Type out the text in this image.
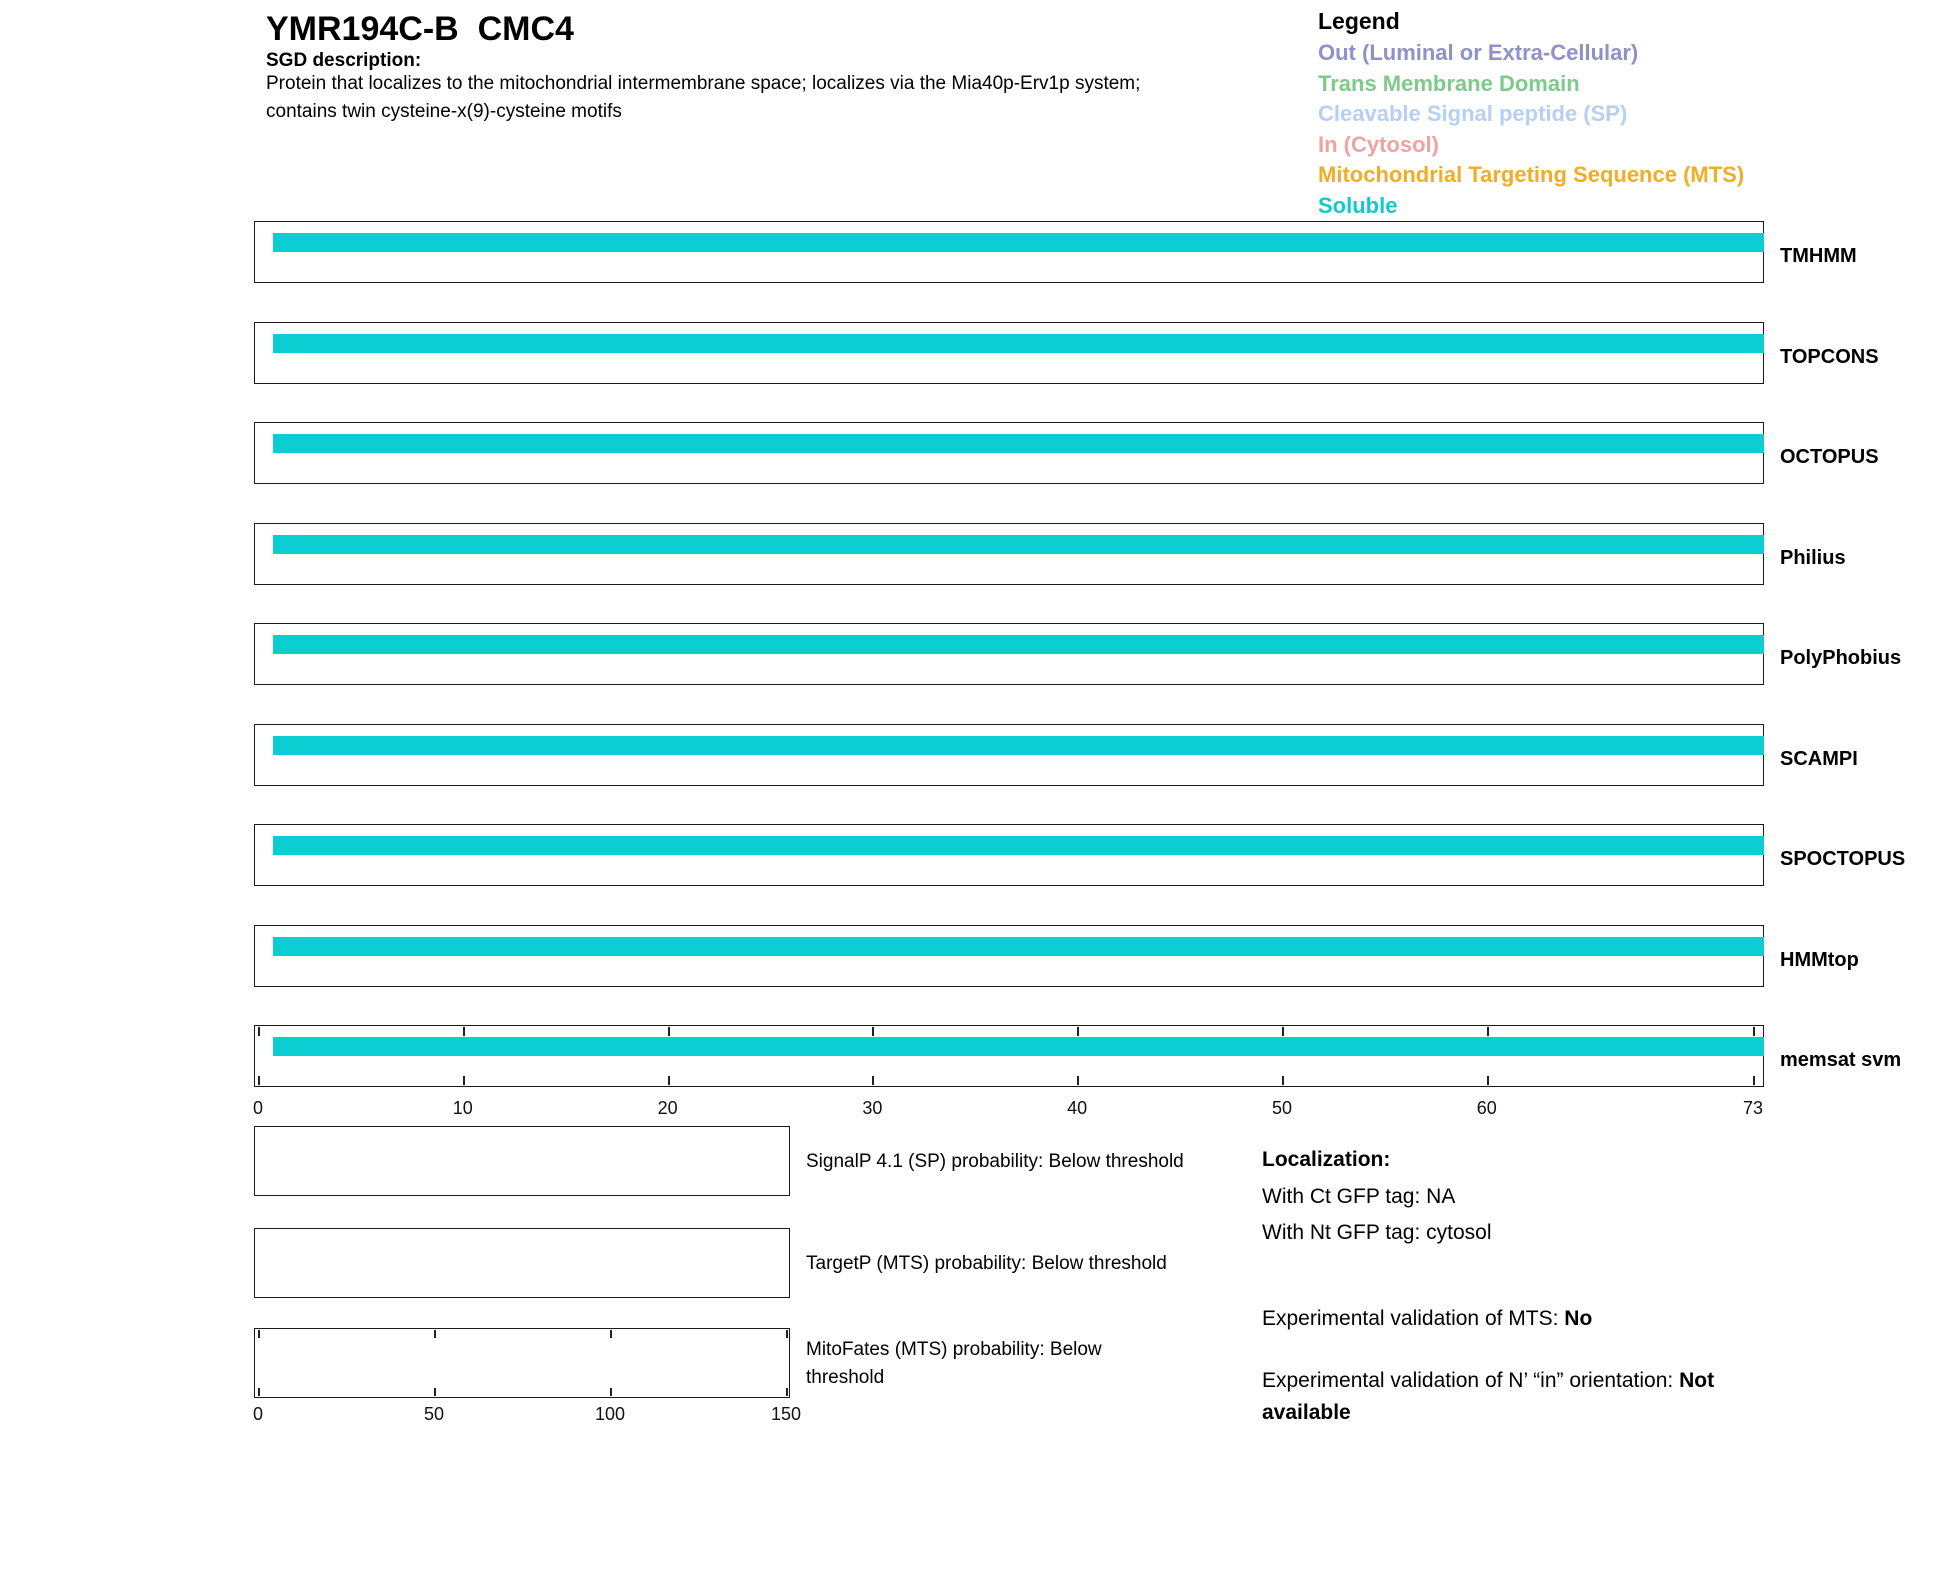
YMR194C-B  CMC4
SGD description:
Protein that localizes to the mitochondrial intermembrane space; localizes via the Mia40p-Erv1p system;
contains twin cysteine-x(9)-cysteine motifs
Legend
Out (Luminal or Extra-Cellular)
Trans Membrane Domain
Cleavable Signal peptide (SP)
In (Cytosol)
Mitochondrial Targeting Sequence (MTS)
Soluble
TMHMM
TOPCONS
OCTOPUS
Philius
PolyPhobius
SCAMPI
SPOCTOPUS
HMMtop
memsat svm
0	10	20	30	40	50	60	73
SignalP 4.1 (SP) probability: Below threshold
TargetP (MTS) probability: Below threshold
MitoFates (MTS) probability: Below
threshold
0	50	100	150
Localization:
With Ct GFP tag: NA
With Nt GFP tag: cytosol
Experimental validation of MTS: No
Experimental validation of N’ “in” orientation: Not available
